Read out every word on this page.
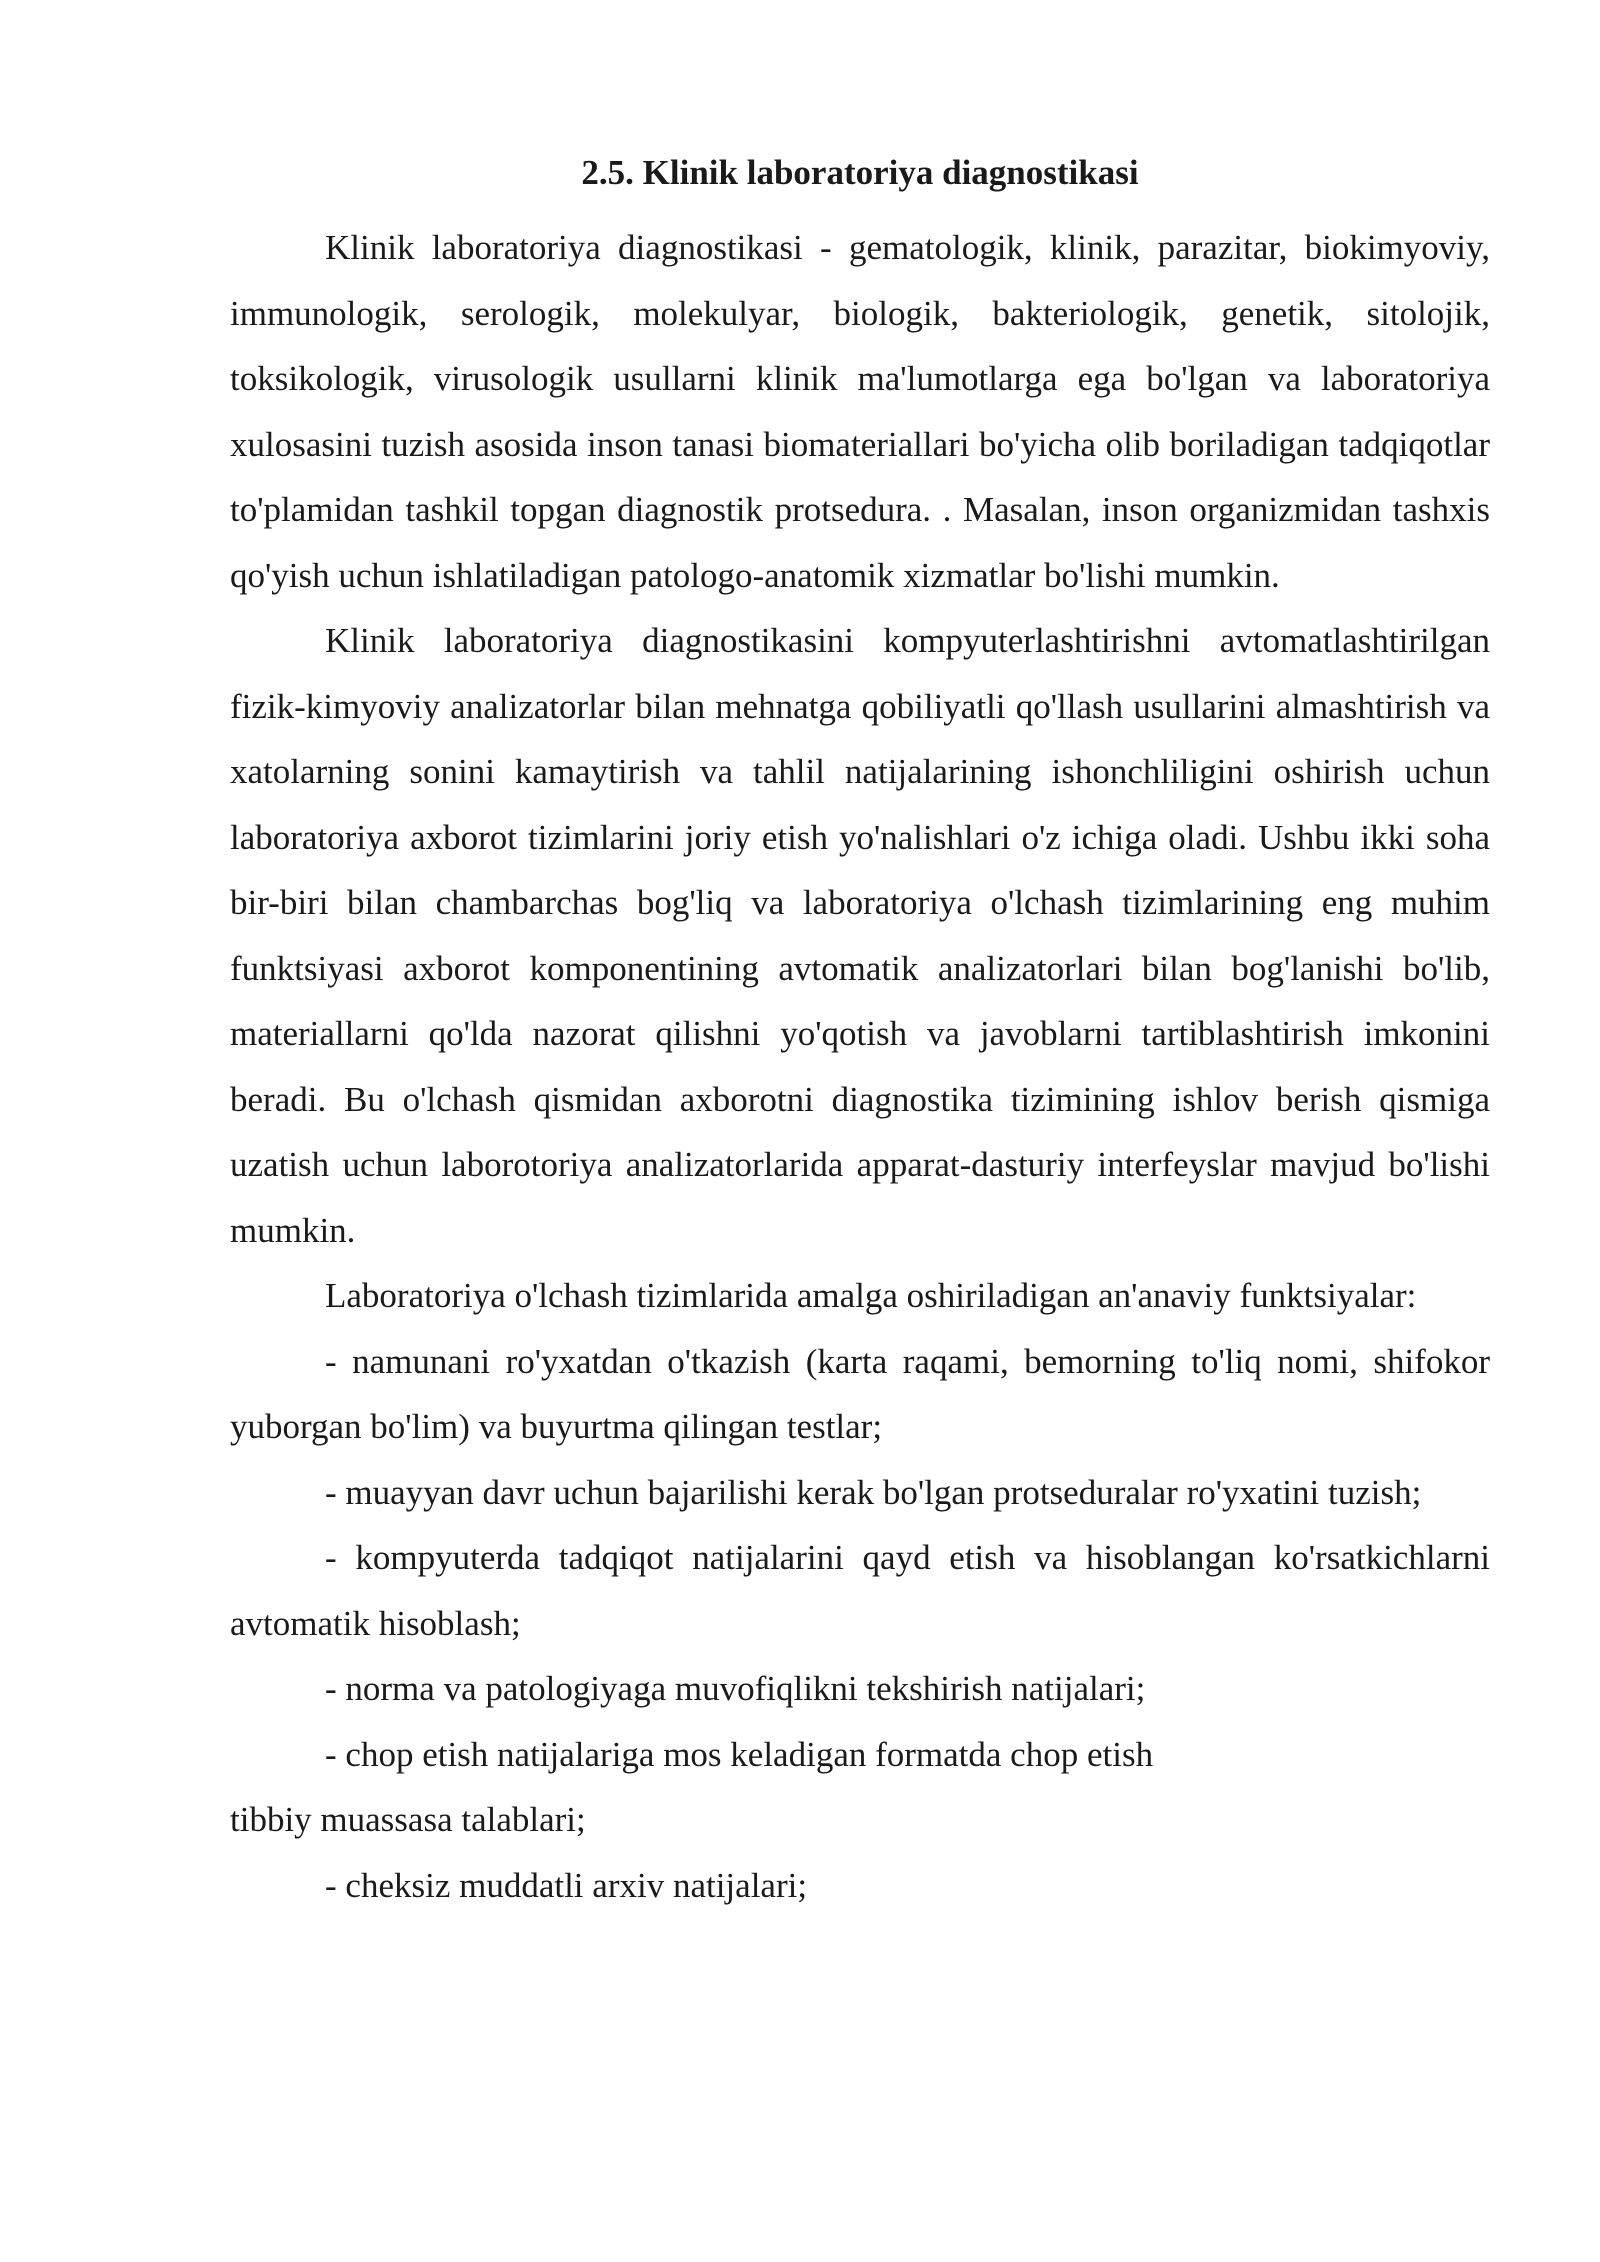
2.5. Klinik laboratoriya diagnostikasi

Klinik laboratoriya diagnostikasi - gematologik, klinik, parazitar, biokimyoviy, immunologik, serologik, molekulyar, biologik, bakteriologik, genetik, sitolojik, toksikologik, virusologik usullarni klinik ma'lumotlarga ega bo'lgan va laboratoriya xulosasini tuzish asosida inson tanasi biomateriallari bo'yicha olib boriladigan tadqiqotlar to'plamidan tashkil topgan diagnostik protsedura. . Masalan, inson organizmidan tashxis qo'yish uchun ishlatiladigan patologo-anatomik xizmatlar bo'lishi mumkin.

Klinik laboratoriya diagnostikasini kompyuterlashtirishni avtomatlashtirilgan fizik-kimyoviy analizatorlar bilan mehnatga qobiliyatli qo'llash usullarini almashtirish va xatolarning sonini kamaytirish va tahlil natijalarining ishonchliligini oshirish uchun laboratoriya axborot tizimlarini joriy etish yo'nalishlari o'z ichiga oladi. Ushbu ikki soha bir-biri bilan chambarchas bog'liq va laboratoriya o'lchash tizimlarining eng muhim funktsiyasi axborot komponentining avtomatik analizatorlari bilan bog'lanishi bo'lib, materiallarni qo'lda nazorat qilishni yo'qotish va javoblarni tartiblashtirish imkonini beradi. Bu o'lchash qismidan axborotni diagnostika tizimining ishlov berish qismiga uzatish uchun laborotoriya analizatorlarida apparat-dasturiy interfeyslar mavjud bo'lishi mumkin.

Laboratoriya o'lchash tizimlarida amalga oshiriladigan an'anaviy funktsiyalar:

- namunani ro'yxatdan o'tkazish (karta raqami, bemorning to'liq nomi, shifokor yuborgan bo'lim) va buyurtma qilingan testlar;

- muayyan davr uchun bajarilishi kerak bo'lgan protseduralar ro'yxatini tuzish;

- kompyuterda tadqiqot natijalarini qayd etish va hisoblangan ko'rsatkichlarni avtomatik hisoblash;

- norma va patologiyaga muvofiqlikni tekshirish natijalari;

- chop etish natijalariga mos keladigan formatda chop etish

tibbiy muassasa talablari;

- cheksiz muddatli arxiv natijalari;
